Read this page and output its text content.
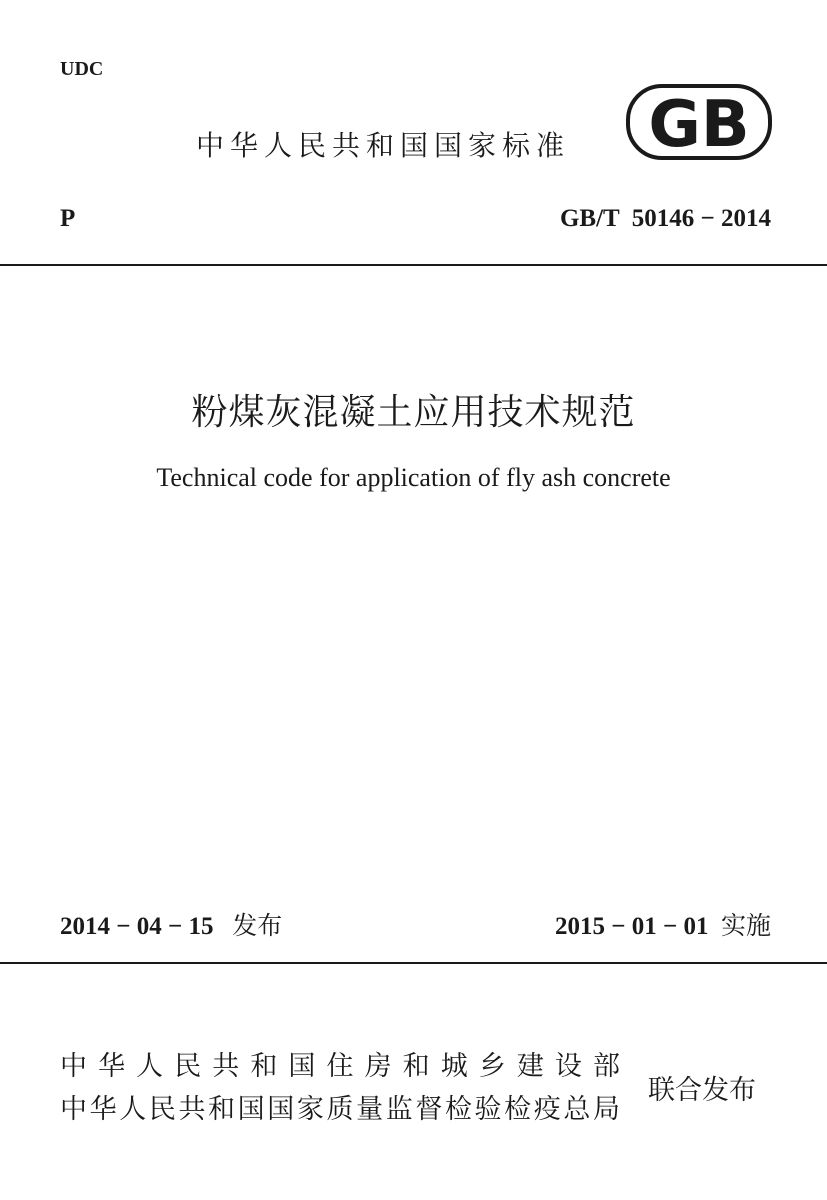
UDC
中华人民共和国国家标准 GB
P	GB/T  50146 − 2014
粉煤灰混凝土应用技术规范
Technical code for application of fly ash concrete
2014 − 04 − 15 发布	2015 − 01 − 01 实施
中华人民共和国住房和城乡建设部
中华人民共和国国家质量监督检验检疫总局
联合发布
